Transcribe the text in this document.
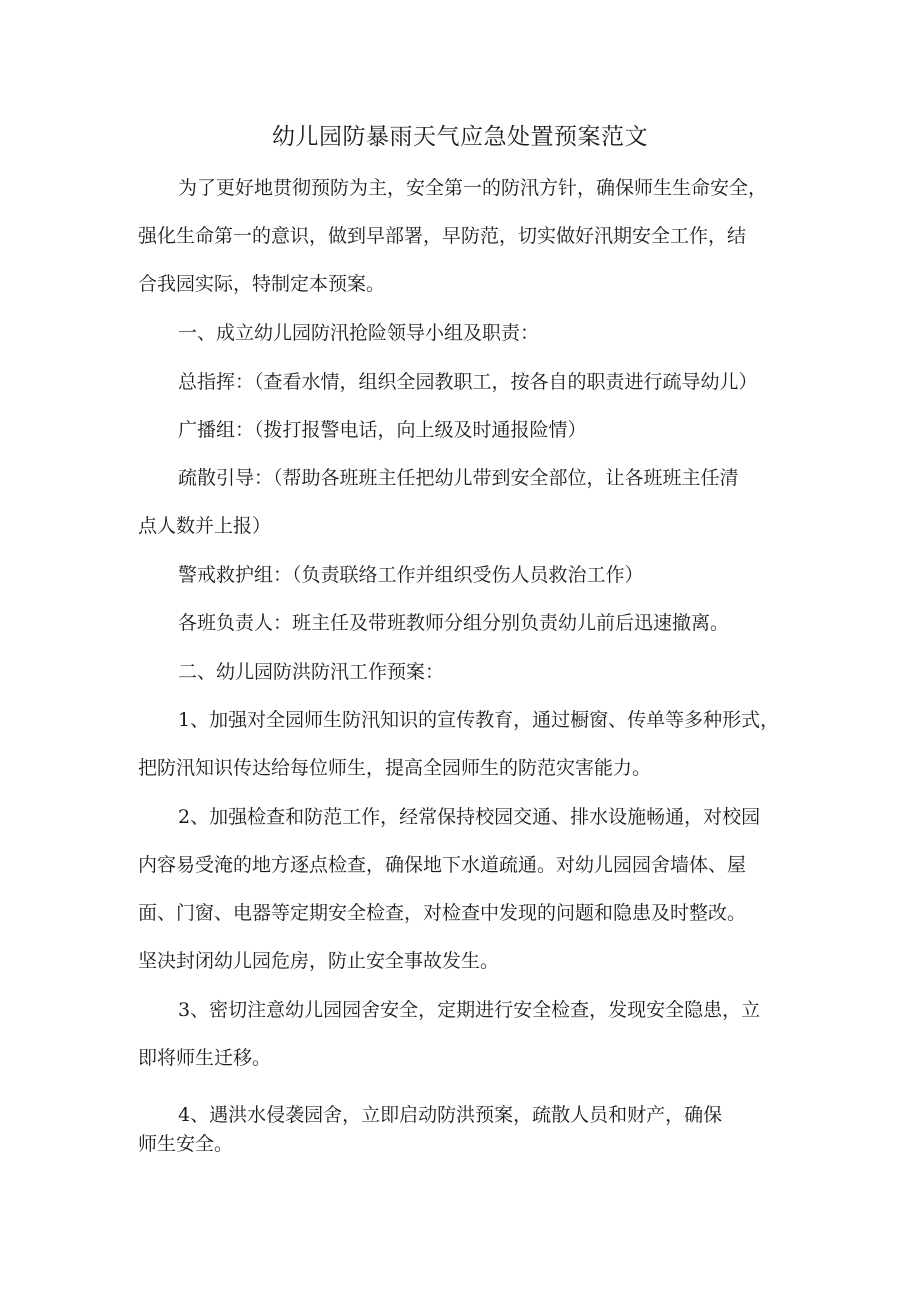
幼儿园防暴雨天气应急处置预案范文
为了更好地贯彻预防为主，安全第一的防汛方针，确保师生生命安全，
强化生命第一的意识，做到早部署，早防范，切实做好汛期安全工作，结
合我园实际，特制定本预案。
一、成立幼儿园防汛抢险领导小组及职责：
总指挥：（查看水情，组织全园教职工，按各自的职责进行疏导幼儿）
广播组：（拨打报警电话，向上级及时通报险情）
疏散引导：（帮助各班班主任把幼儿带到安全部位，让各班班主任清
点人数并上报）
警戒救护组：（负责联络工作并组织受伤人员救治工作）
各班负责人：班主任及带班教师分组分别负责幼儿前后迅速撤离。
二、幼儿园防洪防汛工作预案：
1、加强对全园师生防汛知识的宣传教育，通过橱窗、传单等多种形式，
把防汛知识传达给每位师生，提高全园师生的防范灾害能力。
2、加强检查和防范工作，经常保持校园交通、排水设施畅通，对校园
内容易受淹的地方逐点检查，确保地下水道疏通。对幼儿园园舍墙体、屋
面、门窗、电器等定期安全检查，对检查中发现的问题和隐患及时整改。
坚决封闭幼儿园危房，防止安全事故发生。
3、密切注意幼儿园园舍安全，定期进行安全检查，发现安全隐患，立
即将师生迁移。
4、遇洪水侵袭园舍，立即启动防洪预案，疏散人员和财产，确保
师生安全。
